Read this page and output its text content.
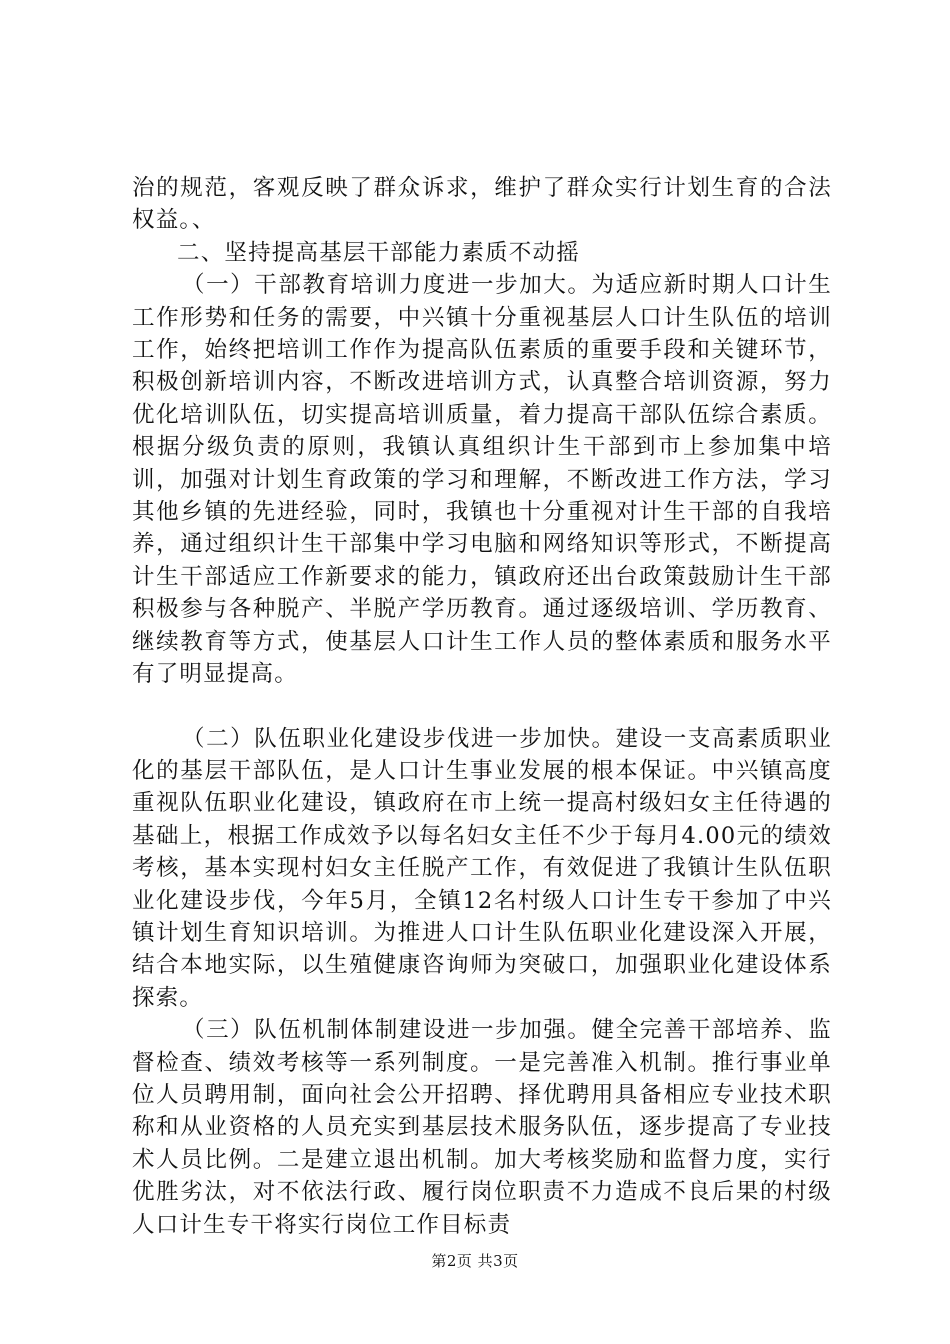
治的规范，客观反映了群众诉求，维护了群众实行计划生育的合法权益。、

二、坚持提高基层干部能力素质不动摇

（一）干部教育培训力度进一步加大。为适应新时期人口计生工作形势和任务的需要，中兴镇十分重视基层人口计生队伍的培训工作，始终把培训工作作为提高队伍素质的重要手段和关键环节，积极创新培训内容，不断改进培训方式，认真整合培训资源，努力优化培训队伍，切实提高培训质量，着力提高干部队伍综合素质。根据分级负责的原则，我镇认真组织计生干部到市上参加集中培训，加强对计划生育政策的学习和理解，不断改进工作方法，学习其他乡镇的先进经验，同时，我镇也十分重视对计生干部的自我培养，通过组织计生干部集中学习电脑和网络知识等形式，不断提高计生干部适应工作新要求的能力，镇政府还出台政策鼓励计生干部积极参与各种脱产、半脱产学历教育。通过逐级培训、学历教育、继续教育等方式，使基层人口计生工作人员的整体素质和服务水平有了明显提高。

（二）队伍职业化建设步伐进一步加快。建设一支高素质职业化的基层干部队伍，是人口计生事业发展的根本保证。中兴镇高度重视队伍职业化建设，镇政府在市上统一提高村级妇女主任待遇的基础上，根据工作成效予以每名妇女主任不少于每月4.00元的绩效考核，基本实现村妇女主任脱产工作，有效促进了我镇计生队伍职业化建设步伐，今年5月，全镇12名村级人口计生专干参加了中兴镇计划生育知识培训。为推进人口计生队伍职业化建设深入开展，结合本地实际，以生殖健康咨询师为突破口，加强职业化建设体系探索。

（三）队伍机制体制建设进一步加强。健全完善干部培养、监督检查、绩效考核等一系列制度。一是完善准入机制。推行事业单位人员聘用制，面向社会公开招聘、择优聘用具备相应专业技术职称和从业资格的人员充实到基层技术服务队伍，逐步提高了专业技术人员比例。二是建立退出机制。加大考核奖励和监督力度，实行优胜劣汰，对不依法行政、履行岗位职责不力造成不良后果的村级人口计生专干将实行岗位工作目标责

第2页 共3页
